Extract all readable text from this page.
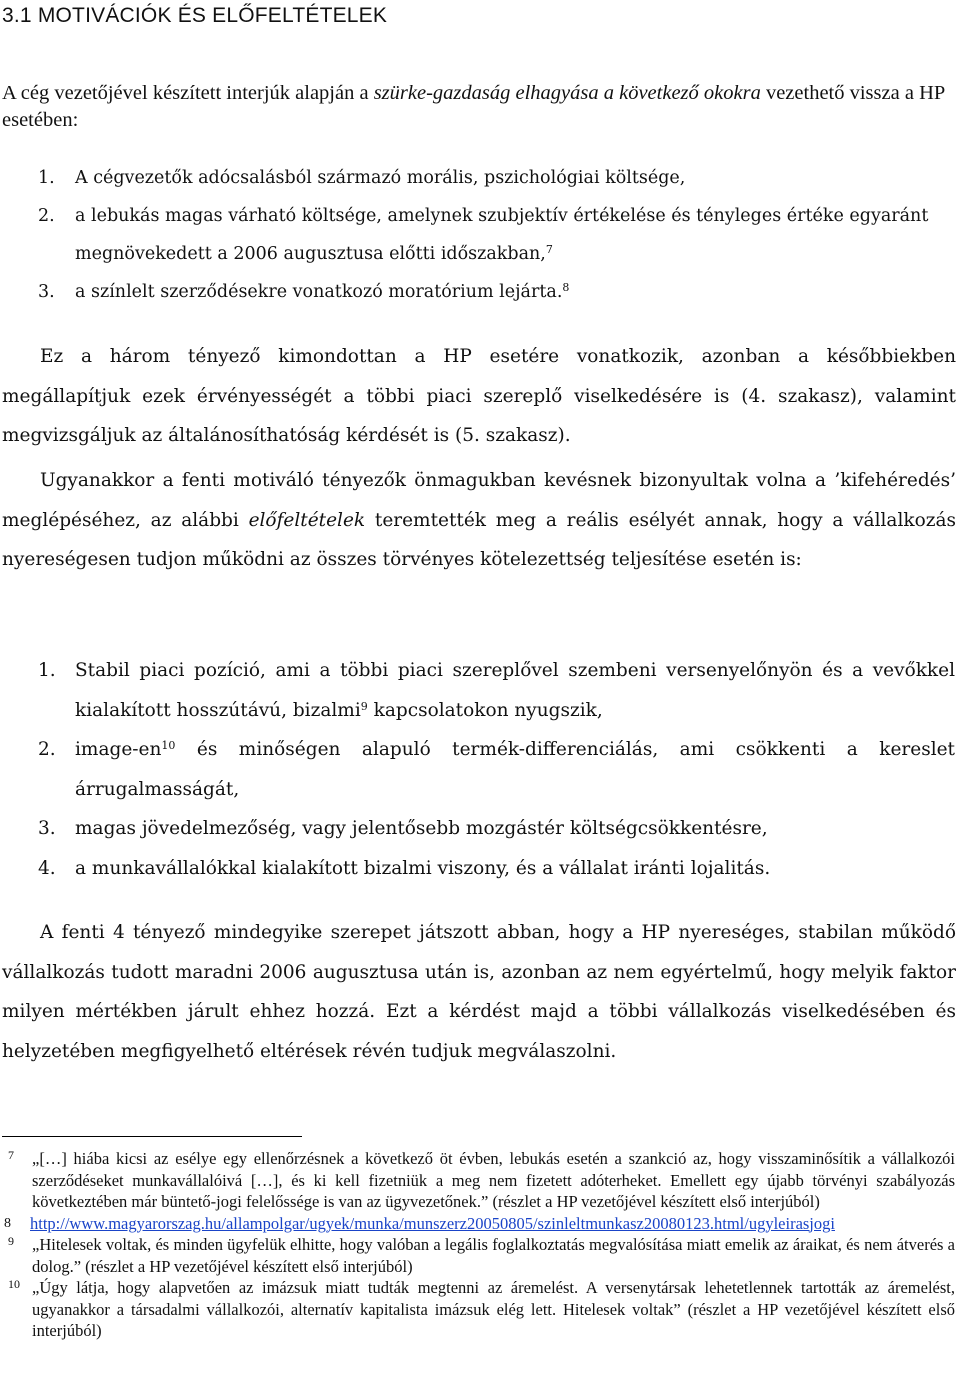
3.1 MOTIVÁCIÓK ÉS ELŐFELTÉTELEK

A cég vezetőjével készített interjúk alapján a szürke-gazdaság elhagyása a következő okokra vezethető vissza a HP esetében:

1. A cégvezetők adócsalásból származó morális, pszichológiai költsége,
2. a lebukás magas várható költsége, amelynek szubjektív értékelése és tényleges értéke egyaránt megnövekedett a 2006 augusztusa előtti időszakban,$^7$
3. a színlelt szerződésekre vonatkozó moratórium lejárta.$^8$

Ez a három tényező kimondottan a HP esetére vonatkozik, azonban a későbbiekben megállapítjuk ezek érvényességét a többi piaci szereplő viselkedésére is (4. szakasz), valamint megvizsgáljuk az általánosíthatóság kérdését is (5. szakasz).

Ugyanakkor a fenti motiváló tényezők önmagukban kevésnek bizonyultak volna a ’kifehéredés’ meglépéséhez, az alábbi előfeltételek teremtették meg a reális esélyét annak, hogy a vállalkozás nyereségesen tudjon működni az összes törvényes kötelezettség teljesítése esetén is:

1. Stabil piaci pozíció, ami a többi piaci szereplővel szembeni versenyelőnyön és a vevőkkel kialakított hosszútávú, bizalmi$^9$ kapcsolatokon nyugszik,
2. image-$en^{10}$ és minőségen alapuló termék-differenciálás, ami csökkenti a kereslet árrugalmasságát,
3. magas jövedelmezőség, vagy jelentősebb mozgástér költségcsökkentésre,
4. a munkavállalókkal kialakított bizalmi viszony, és a vállalat iránti lojalitás.

A fenti 4 tényező mindegyike szerepet játszott abban, hogy a HP nyereséges, stabilan működő vállalkozás tudott maradni 2006 augusztusa után is, azonban az nem egyértelmű, hogy melyik faktor milyen mértékben járult ehhez hozzá. Ezt a kérdést majd a többi vállalkozás viselkedésében és helyzetében megfigyelhető eltérések révén tudjuk megválaszolni.

7 „[…] hiába kicsi az esélye egy ellenőrzésnek a következő öt évben, lebukás esetén a szankció az, hogy visszaminősítik a vállalkozói szerződéseket munkavállalóivá […], és ki kell fizetniük a meg nem fizetett adóterheket. Emellett egy újabb törvényi szabályozás következtében már büntető-jogi felelőssége is van az ügyvezetőnek.” (részlet a HP vezetőjével készített első interjúból)

8 http://www.magyarorszag.hu/allampolgar/ugyek/munka/munszerz20050805/szinleltmunkasz20080123.html/ugyleirasjogi

9 „Hitelesek voltak, és minden ügyfelük elhitte, hogy valóban a legális foglalkoztatás megvalósítása miatt emelik az áraikat, és nem átverés a dolog.” (részlet a HP vezetőjével készített első interjúból)

10 „Úgy látja, hogy alapvetően az imázsuk miatt tudták megtenni az áremelést. A versenytársak lehetetlennek tartották az áremelést, ugyanakkor a társadalmi vállalkozói, alternatív kapitalista imázsuk elég lett. Hitelesek voltak” (részlet a HP vezetőjével készített első interjúból)
